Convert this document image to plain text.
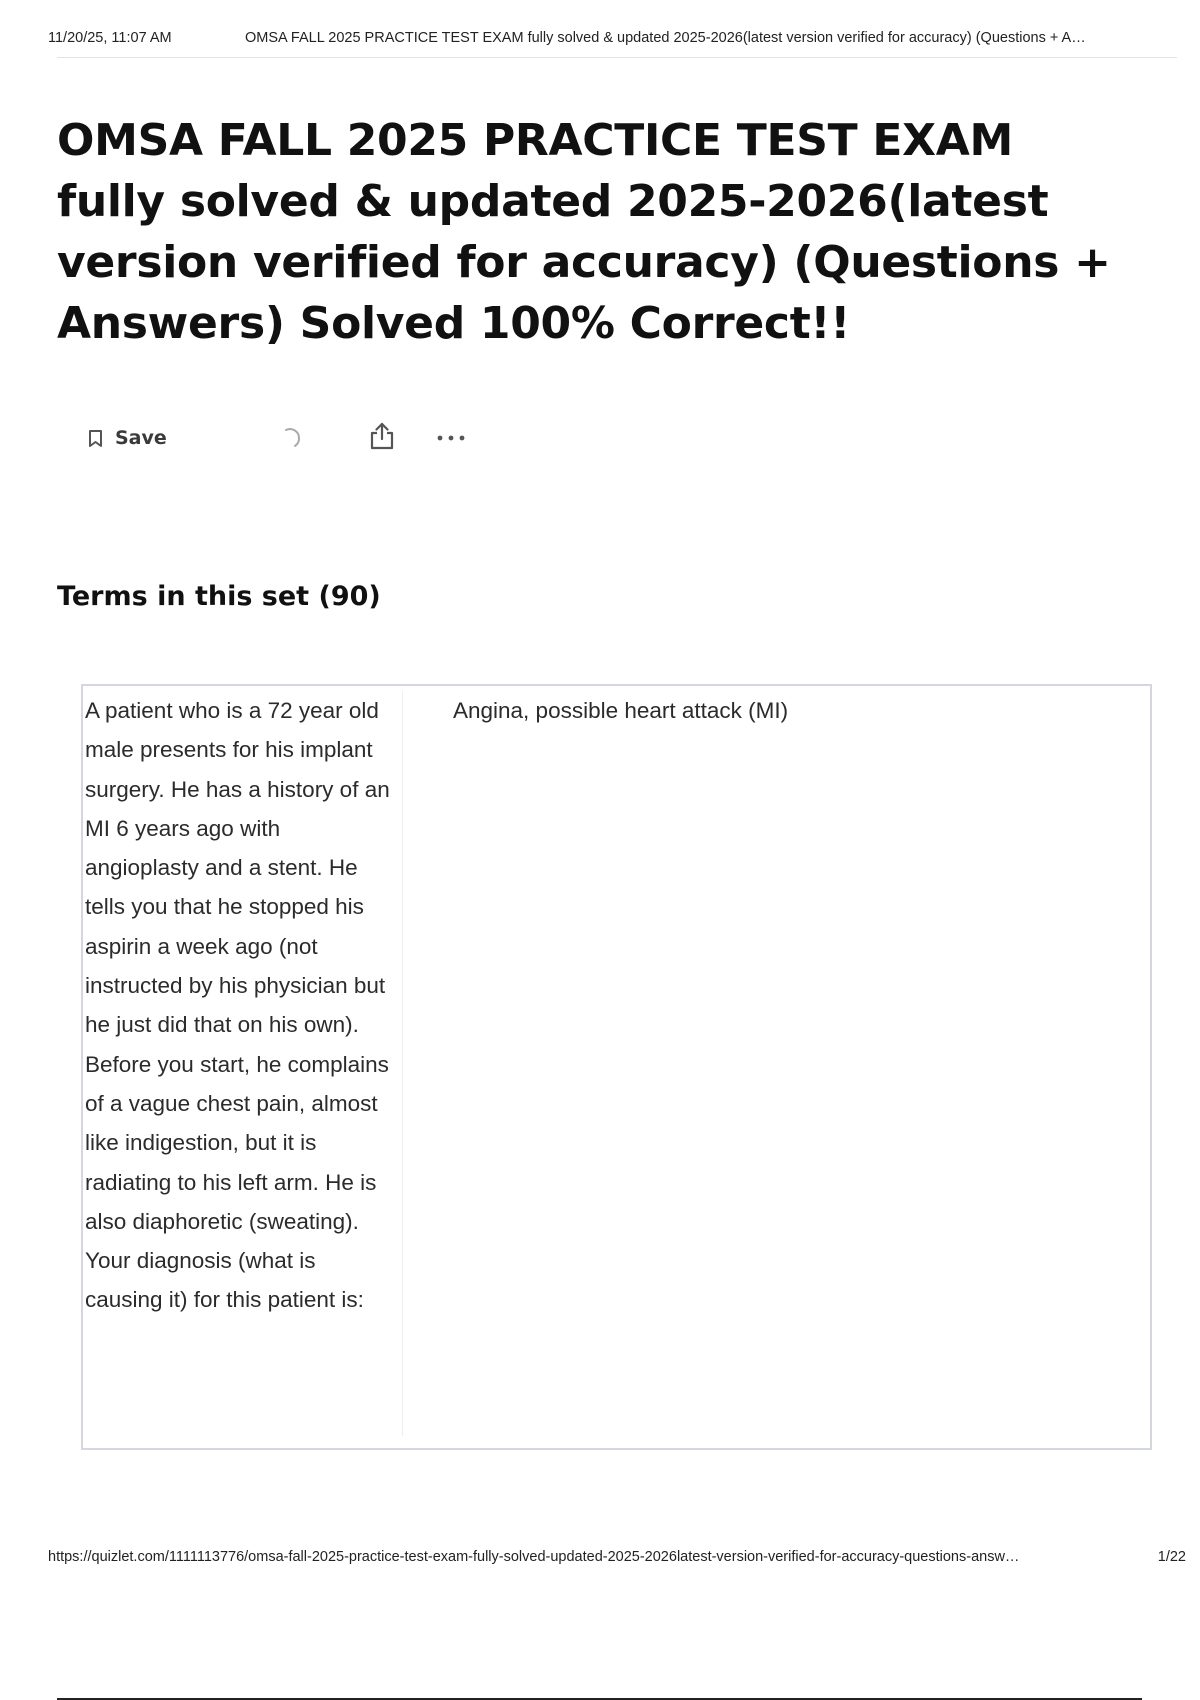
11/20/25, 11:07 AM	OMSA FALL 2025 PRACTICE TEST EXAM fully solved & updated 2025-2026(latest version verified for accuracy) (Questions + A…
OMSA FALL 2025 PRACTICE TEST EXAM fully solved & updated 2025-2026(latest version verified for accuracy) (Questions + Answers) Solved 100% Correct!!
Save
Terms in this set (90)
A patient who is a 72 year old male presents for his implant surgery. He has a history of an MI 6 years ago with angioplasty and a stent. He tells you that he stopped his aspirin a week ago (not instructed by his physician but he just did that on his own). Before you start, he complains of a vague chest pain, almost like indigestion, but it is radiating to his left arm. He is also diaphoretic (sweating). Your diagnosis (what is causing it) for this patient is:
Angina, possible heart attack (MI)
https://quizlet.com/1111113776/omsa-fall-2025-practice-test-exam-fully-solved-updated-2025-2026latest-version-verified-for-accuracy-questions-answ…	1/22
